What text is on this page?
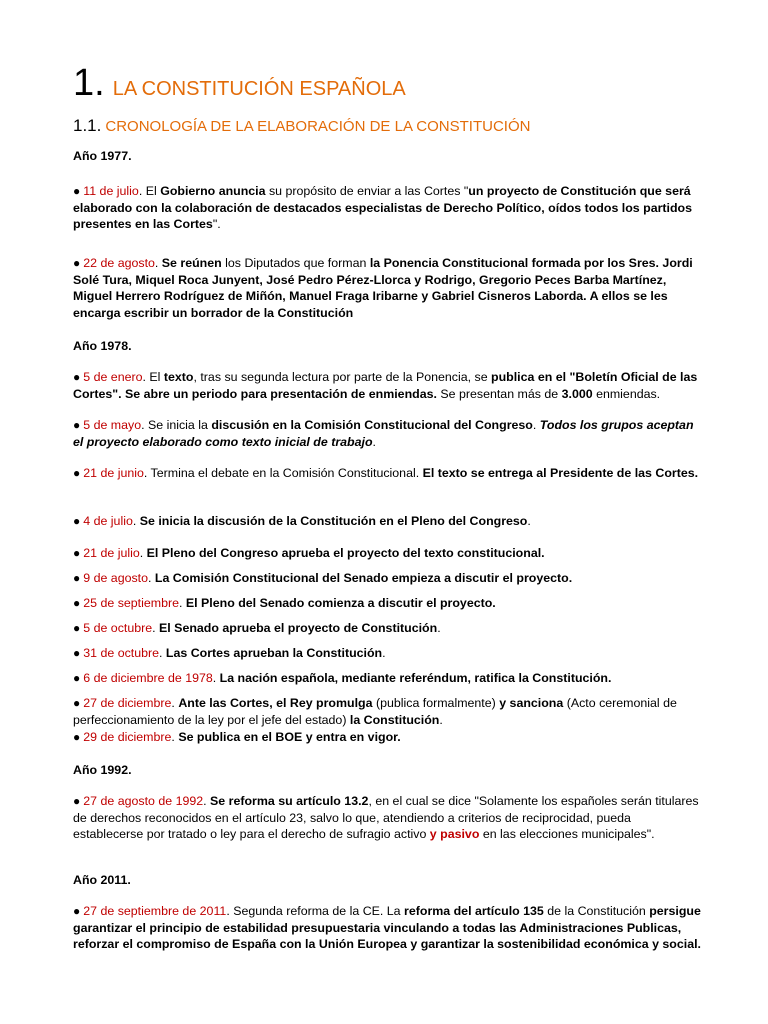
1. LA CONSTITUCIÓN ESPAÑOLA
1.1. CRONOLOGÍA DE LA ELABORACIÓN DE LA CONSTITUCIÓN
Año 1977.
● 11 de julio. El Gobierno anuncia su propósito de enviar a las Cortes "un proyecto de Constitución que será elaborado con la colaboración de destacados especialistas de Derecho Político, oídos todos los partidos presentes en las Cortes".
● 22 de agosto. Se reúnen los Diputados que forman la Ponencia Constitucional formada por los Sres. Jordi Solé Tura, Miquel Roca Junyent, José Pedro Pérez-Llorca y Rodrigo, Gregorio Peces Barba Martínez, Miguel Herrero Rodríguez de Miñón, Manuel Fraga Iribarne y Gabriel Cisneros Laborda. A ellos se les encarga escribir un borrador de la Constitución
Año 1978.
● 5 de enero. El texto, tras su segunda lectura por parte de la Ponencia, se publica en el "Boletín Oficial de las Cortes". Se abre un periodo para presentación de enmiendas. Se presentan más de 3.000 enmiendas.
● 5 de mayo. Se inicia la discusión en la Comisión Constitucional del Congreso. Todos los grupos aceptan el proyecto elaborado como texto inicial de trabajo.
● 21 de junio. Termina el debate en la Comisión Constitucional. El texto se entrega al Presidente de las Cortes.
● 4 de julio. Se inicia la discusión de la Constitución en el Pleno del Congreso.
● 21 de julio. El Pleno del Congreso aprueba el proyecto del texto constitucional.
● 9 de agosto. La Comisión Constitucional del Senado empieza a discutir el proyecto.
● 25 de septiembre. El Pleno del Senado comienza a discutir el proyecto.
● 5 de octubre. El Senado aprueba el proyecto de Constitución.
● 31 de octubre. Las Cortes aprueban la Constitución.
● 6 de diciembre de 1978. La nación española, mediante referéndum, ratifica la Constitución.
● 27 de diciembre. Ante las Cortes, el Rey promulga (publica formalmente) y sanciona (Acto ceremonial de perfeccionamiento de la ley por el jefe del estado) la Constitución.
● 29 de diciembre. Se publica en el BOE y entra en vigor.
Año 1992.
● 27 de agosto de 1992. Se reforma su artículo 13.2, en el cual se dice "Solamente los españoles serán titulares de derechos reconocidos en el artículo 23, salvo lo que, atendiendo a criterios de reciprocidad, pueda establecerse por tratado o ley para el derecho de sufragio activo y pasivo en las elecciones municipales".
Año 2011.
● 27 de septiembre de 2011. Segunda reforma de la CE. La reforma del artículo 135 de la Constitución persigue garantizar el principio de estabilidad presupuestaria vinculando a todas las Administraciones Publicas, reforzar el compromiso de España con la Unión Europea y garantizar la sostenibilidad económica y social.
